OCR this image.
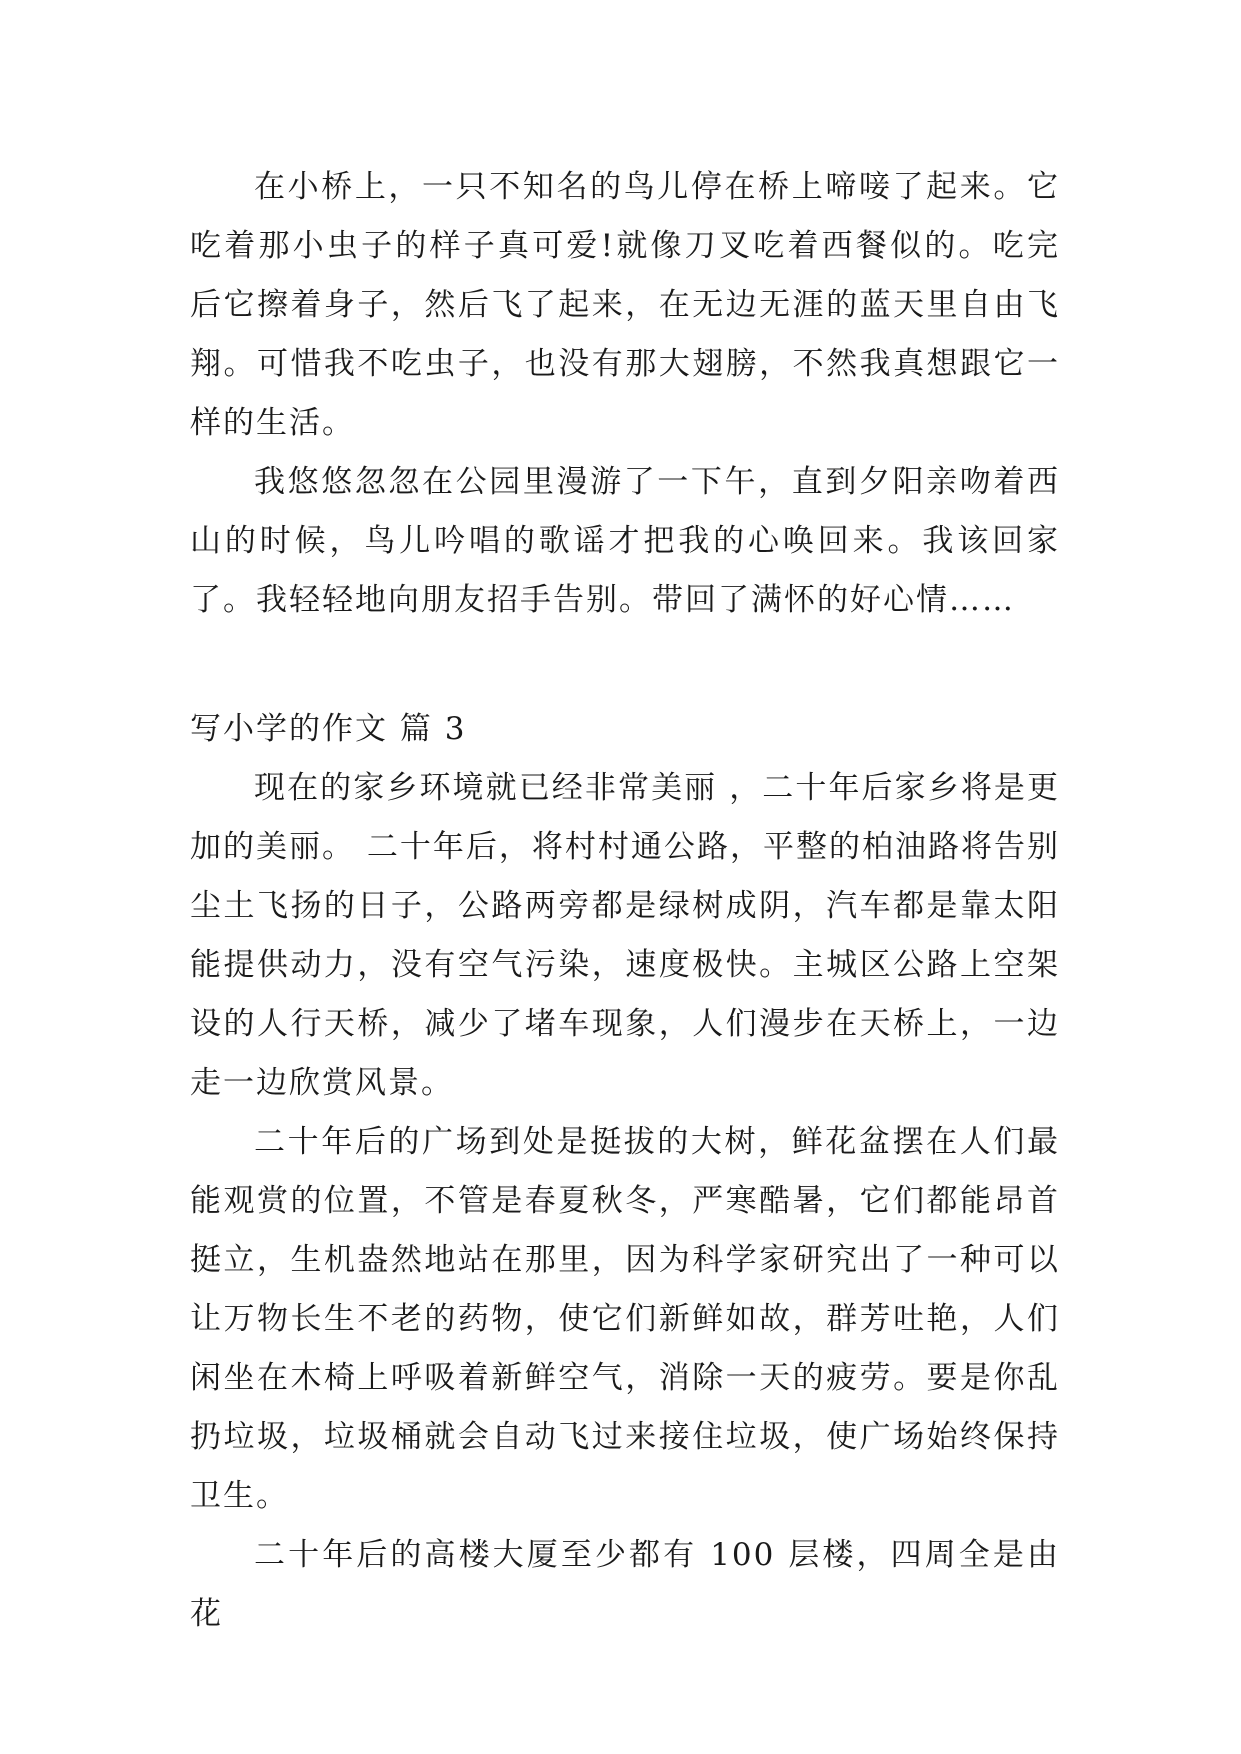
在小桥上，一只不知名的鸟儿停在桥上啼唼了起来。它吃着那小虫子的样子真可爱!就像刀叉吃着西餐似的。吃完后它擦着身子，然后飞了起来，在无边无涯的蓝天里自由飞翔。可惜我不吃虫子，也没有那大翅膀，不然我真想跟它一样的生活。

我悠悠忽忽在公园里漫游了一下午，直到夕阳亲吻着西山的时候，鸟儿吟唱的歌谣才把我的心唤回来。我该回家了。我轻轻地向朋友招手告别。带回了满怀的好心情……

写小学的作文 篇 3

现在的家乡环境就已经非常美丽 ，二十年后家乡将是更加的美丽。 二十年后，将村村通公路，平整的柏油路将告别尘土飞扬的日子，公路两旁都是绿树成阴，汽车都是靠太阳能提供动力，没有空气污染，速度极快。主城区公路上空架设的人行天桥，减少了堵车现象，人们漫步在天桥上，一边走一边欣赏风景。

二十年后的广场到处是挺拔的大树，鲜花盆摆在人们最能观赏的位置，不管是春夏秋冬，严寒酷暑，它们都能昂首挺立，生机盎然地站在那里，因为科学家研究出了一种可以让万物长生不老的药物，使它们新鲜如故，群芳吐艳，人们闲坐在木椅上呼吸着新鲜空气，消除一天的疲劳。要是你乱扔垃圾，垃圾桶就会自动飞过来接住垃圾，使广场始终保持卫生。

二十年后的高楼大厦至少都有 100 层楼，四周全是由花
